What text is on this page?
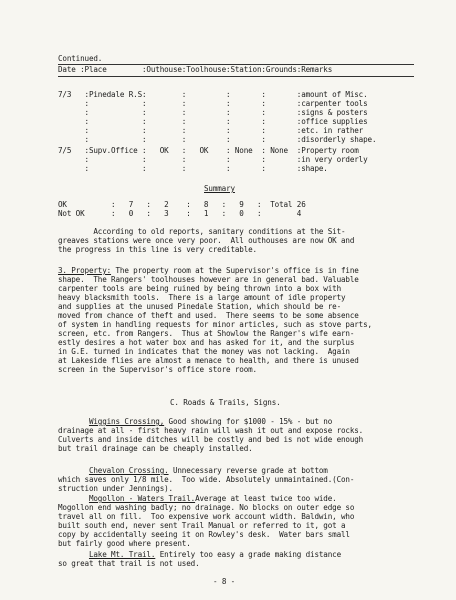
Continued.
Date :Place        :Outhouse:Toolhouse:Station:Grounds:Remarks
7/3   :Pinedale R.S:        :         :       :       :amount of Misc.
:            :        :         :       :       :carpenter tools
:            :        :         :       :       :signs & posters
:            :        :         :       :       :office supplies
:            :        :         :       :       :etc. in rather
:            :        :         :       :       :disorderly shape.
7/5   :Supv.Office :   OK   :   OK    : None  : None  :Property room
:            :        :         :       :       :in very orderly
:            :        :         :       :       :shape.
Summary
OK          :   7   :   2    :   8   :   9   :  Total 26
Not OK      :   0   :   3    :   1   :   0   :        4
According to old reports, sanitary conditions at the Sit-
greaves stations were once very poor.  All outhouses are now OK and
the progress in this line is very creditable.
3. Property: The property room at the Supervisor's office is in fine
shape.  The Rangers' toolhouses however are in general bad. Valuable
carpenter tools are being ruined by being thrown into a box with
heavy blacksmith tools.  There is a large amount of idle property
and supplies at the unused Pinedale Station, which should be re-
moved from chance of theft and used.  There seems to be some absence
of system in handling requests for minor articles, such as stove parts,
screen, etc. from Rangers.  Thus at Showlow the Ranger's wife earn-
estly desires a hot water box and has asked for it, and the surplus
in G.E. turned in indicates that the money was not lacking.  Again
at Lakeside flies are almost a menace to health, and there is unused
screen in the Supervisor's office store room.
C. Roads & Trails, Signs.
Wiggins Crossing, Good showing for $1000 - 15% - but no
drainage at all - first heavy rain will wash it out and expose rocks.
Culverts and inside ditches will be costly and bed is not wide enough
but trail drainage can be cheaply installed.
Chevalon Crossing. Unnecessary reverse grade at bottom
which saves only 1/8 mile.  Too wide. Absolutely unmaintained.(Con-
struction under Jennings).
Mogollon - Waters Trail.Average at least twice too wide.
Mogollon end washing badly; no drainage. No blocks on outer edge so
travel all on fill.  Too expensive work account width. Baldwin, who
built south end, never sent Trail Manual or referred to it, got a
copy by accidentally seeing it on Rowley's desk.  Water bars small
but fairly good where present.
Lake Mt. Trail. Entirely too easy a grade making distance
so great that trail is not used.
- 8 -
